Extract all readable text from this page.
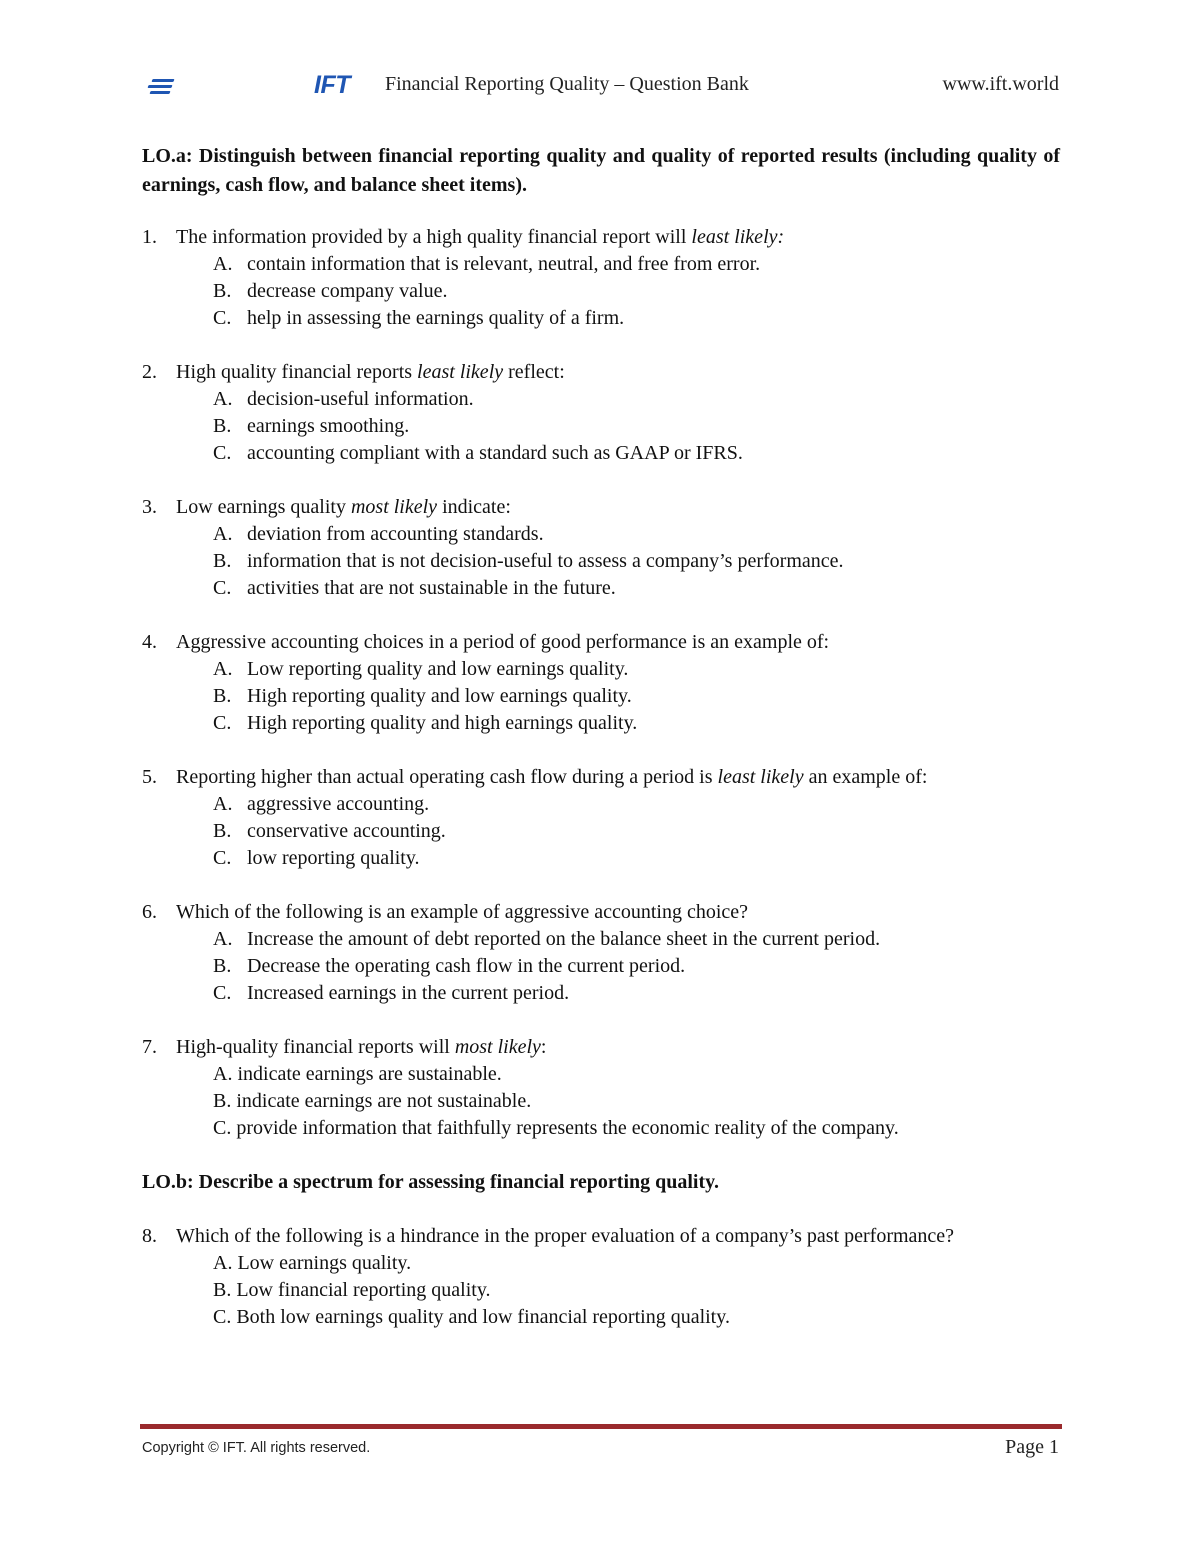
IFT Financial Reporting Quality – Question Bank	www.ift.world

LO.a: Distinguish between financial reporting quality and quality of reported results (including quality of earnings, cash flow, and balance sheet items).

1. The information provided by a high quality financial report will least likely:
A. contain information that is relevant, neutral, and free from error.
B. decrease company value.
C. help in assessing the earnings quality of a firm.
2. High quality financial reports least likely reflect:
A. decision-useful information.
B. earnings smoothing.
C. accounting compliant with a standard such as GAAP or IFRS.
3. Low earnings quality most likely indicate:
A. deviation from accounting standards.
B. information that is not decision-useful to assess a company’s performance.
C. activities that are not sustainable in the future.
4. Aggressive accounting choices in a period of good performance is an example of:
A. Low reporting quality and low earnings quality.
B. High reporting quality and low earnings quality.
C. High reporting quality and high earnings quality.
5. Reporting higher than actual operating cash flow during a period is least likely an example of:
A. aggressive accounting.
B. conservative accounting.
C. low reporting quality.
6. Which of the following is an example of aggressive accounting choice?
A. Increase the amount of debt reported on the balance sheet in the current period.
B. Decrease the operating cash flow in the current period.
C. Increased earnings in the current period.
7. High-quality financial reports will most likely:
A. indicate earnings are sustainable.
B. indicate earnings are not sustainable.
C. provide information that faithfully represents the economic reality of the company.

LO.b: Describe a spectrum for assessing financial reporting quality.

8. Which of the following is a hindrance in the proper evaluation of a company’s past performance?
A. Low earnings quality.
B. Low financial reporting quality.
C. Both low earnings quality and low financial reporting quality.
Copyright © IFT. All rights reserved.	Page 1
